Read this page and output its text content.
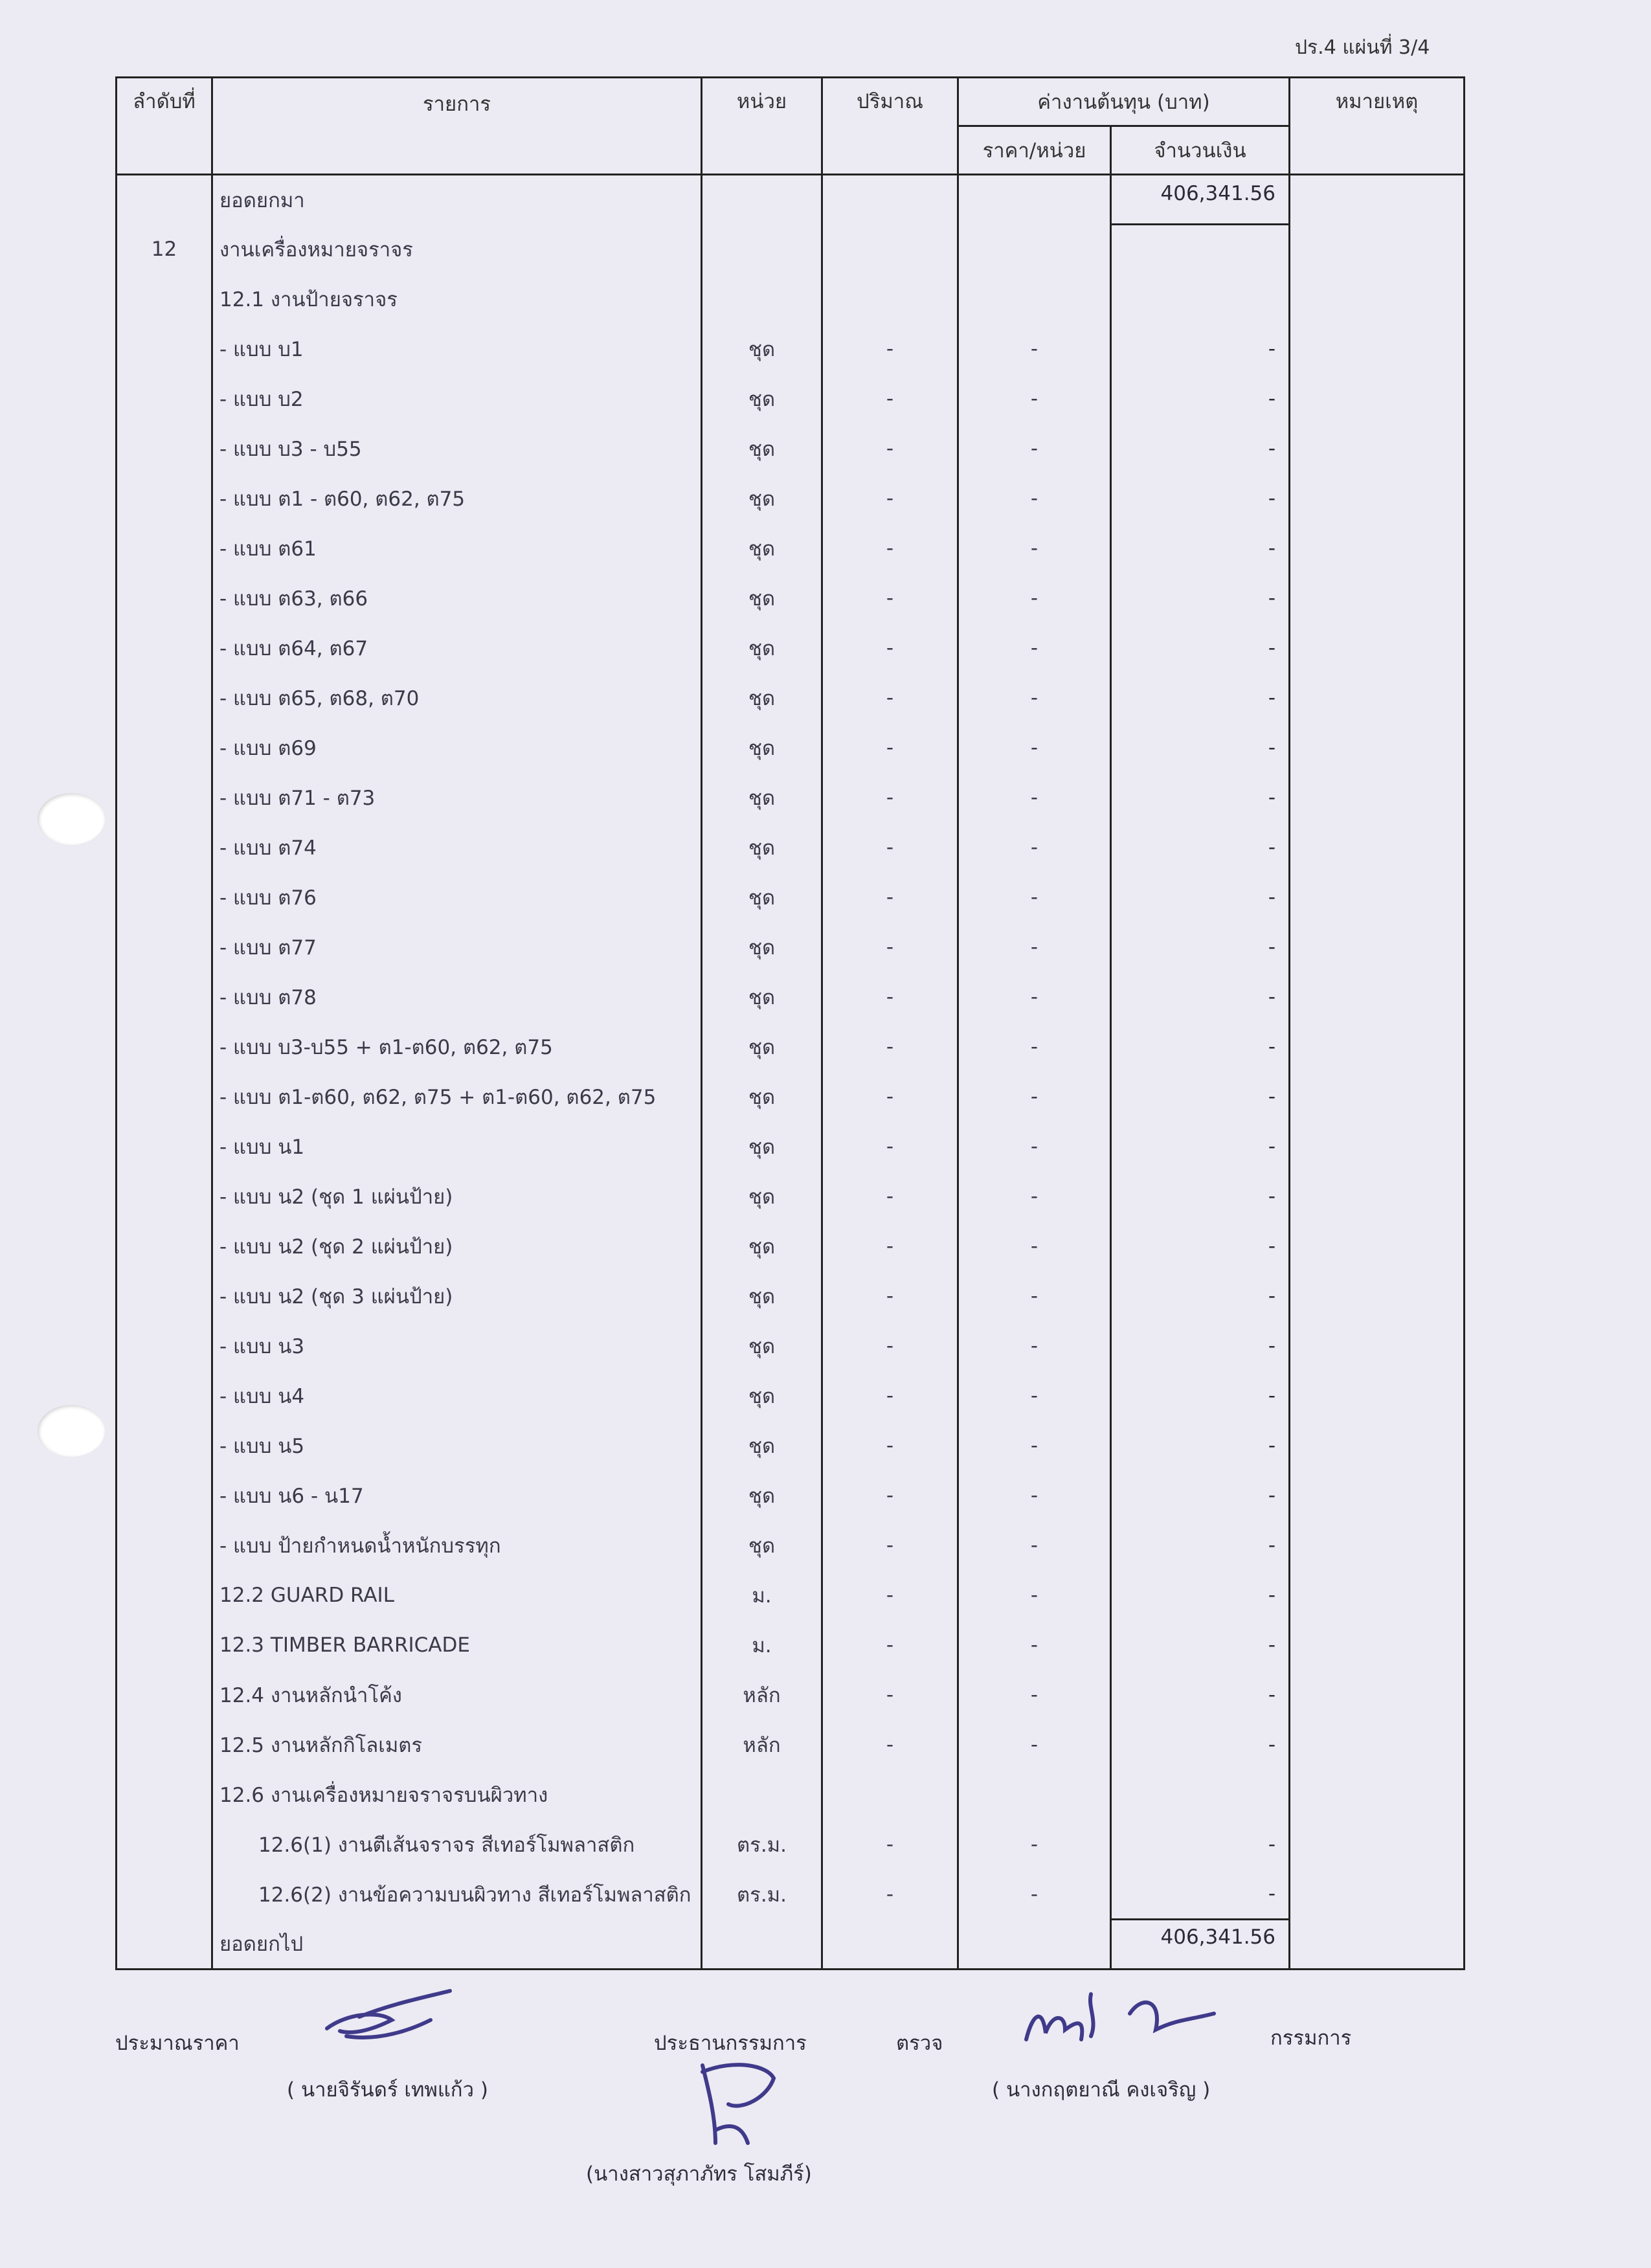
ปร.4 แผ่นที่ 3/4
ลำดับที่	รายการ	หน่วย	ปริมาณ	ค่างานต้นทุน (บาท)		หมายเหตุ
				ราคา/หน่วย	จำนวนเงิน	
	ยอดยกมา				406,341.56	
12	งานเครื่องหมายจราจร					
	12.1 งานป้ายจราจร					
	- แบบ บ1	ชุด	-	-	-	
	- แบบ บ2	ชุด	-	-	-	
	- แบบ บ3 - บ55	ชุด	-	-	-	
	- แบบ ต1 - ต60, ต62, ต75	ชุด	-	-	-	
	- แบบ ต61	ชุด	-	-	-	
	- แบบ ต63, ต66	ชุด	-	-	-	
	- แบบ ต64, ต67	ชุด	-	-	-	
	- แบบ ต65, ต68, ต70	ชุด	-	-	-	
	- แบบ ต69	ชุด	-	-	-	
	- แบบ ต71 - ต73	ชุด	-	-	-	
	- แบบ ต74	ชุด	-	-	-	
	- แบบ ต76	ชุด	-	-	-	
	- แบบ ต77	ชุด	-	-	-	
	- แบบ ต78	ชุด	-	-	-	
	- แบบ บ3-บ55 + ต1-ต60, ต62, ต75	ชุด	-	-	-	
	- แบบ ต1-ต60, ต62, ต75 + ต1-ต60, ต62, ต75	ชุด	-	-	-	
	- แบบ น1	ชุด	-	-	-	
	- แบบ น2 (ชุด 1 แผ่นป้าย)	ชุด	-	-	-	
	- แบบ น2 (ชุด 2 แผ่นป้าย)	ชุด	-	-	-	
	- แบบ น2 (ชุด 3 แผ่นป้าย)	ชุด	-	-	-	
	- แบบ น3	ชุด	-	-	-	
	- แบบ น4	ชุด	-	-	-	
	- แบบ น5	ชุด	-	-	-	
	- แบบ น6 - น17	ชุด	-	-	-	
	- แบบ ป้ายกำหนดน้ำหนักบรรทุก	ชุด	-	-	-	
	12.2 GUARD RAIL	ม.	-	-	-	
	12.3 TIMBER BARRICADE	ม.	-	-	-	
	12.4 งานหลักนำโค้ง	หลัก	-	-	-	
	12.5 งานหลักกิโลเมตร	หลัก	-	-	-	
	12.6 งานเครื่องหมายจราจรบนผิวทาง					
	12.6(1) งานตีเส้นจราจร สีเทอร์โมพลาสติก	ตร.ม.	-	-	-	
	12.6(2) งานข้อความบนผิวทาง สีเทอร์โมพลาสติก	ตร.ม.	-	-	-	
	ยอดยกไป				406,341.56	
ประมาณราคา
( นายจิรันดร์ เทพแก้ว )
ประธานกรรมการ	ตรวจ
(นางสาวสุภาภัทร โสมภีร์)
( นางกฤตยาณี คงเจริญ )
กรรมการ
